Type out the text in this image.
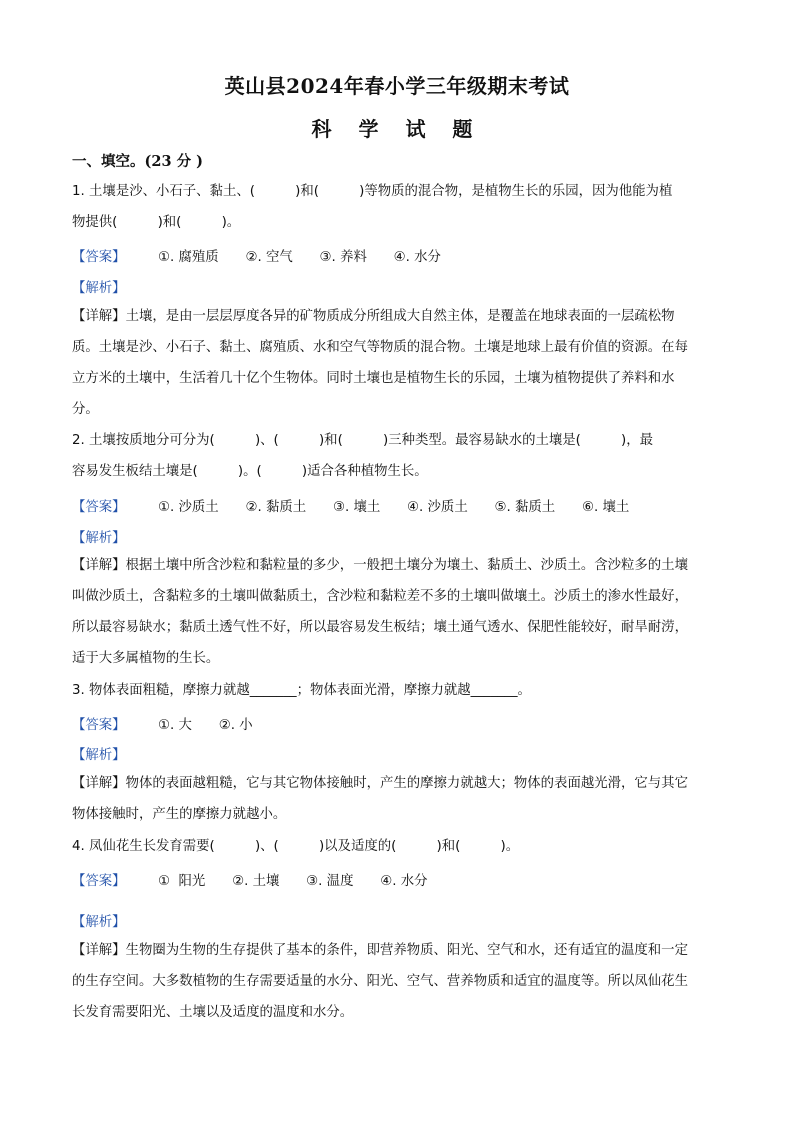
英山县2024年春小学三年级期末考试
科 学 试 题
一、填空。(23 分 )
1. 土壤是沙、小石子、黏土、(　　　)和(　　　)等物质的混合物，是植物生长的乐园，因为他能为植
物提供(　　　)和(　　　)。
【答案】 ①. 腐殖质　　②. 空气　　③. 养料　　④. 水分
【解析】
【详解】土壤，是由一层层厚度各异的矿物质成分所组成大自然主体，是覆盖在地球表面的一层疏松物
质。土壤是沙、小石子、黏土、腐殖质、水和空气等物质的混合物。土壤是地球上最有价值的资源。在每
立方米的土壤中，生活着几十亿个生物体。同时土壤也是植物生长的乐园，土壤为植物提供了养料和水
分。
2. 土壤按质地分可分为(　　　)、(　　　)和(　　　)三种类型。最容易缺水的土壤是(　　　)，最
容易发生板结土壤是(　　　)。(　　　)适合各种植物生长。
【答案】 ①. 沙质土　　②. 黏质土　　③. 壤土　　④. 沙质土　　⑤. 黏质土　　⑥. 壤土
【解析】
【详解】根据土壤中所含沙粒和黏粒量的多少，一般把土壤分为壤土、黏质土、沙质土。含沙粒多的土壤
叫做沙质土，含黏粒多的土壤叫做黏质土，含沙粒和黏粒差不多的土壤叫做壤土。沙质土的渗水性最好，
所以最容易缺水；黏质土透气性不好，所以最容易发生板结；壤土通气透水、保肥性能较好，耐旱耐涝，
适于大多属植物的生长。
3. 物体表面粗糙，摩擦力就越_______；物体表面光滑，摩擦力就越_______。
【答案】 ①. 大　　②. 小
【解析】
【详解】物体的表面越粗糙，它与其它物体接触时，产生的摩擦力就越大；物体的表面越光滑，它与其它
物体接触时，产生的摩擦力就越小。
4. 凤仙花生长发育需要(　　　)、(　　　)以及适度的(　　　)和(　　　)。
【答案】 ①  阳光　　②. 土壤　　③. 温度　　④. 水分
【解析】
【详解】生物圈为生物的生存提供了基本的条件，即营养物质、阳光、空气和水，还有适宜的温度和一定
的生存空间。大多数植物的生存需要适量的水分、阳光、空气、营养物质和适宜的温度等。所以凤仙花生
长发育需要阳光、土壤以及适度的温度和水分。
